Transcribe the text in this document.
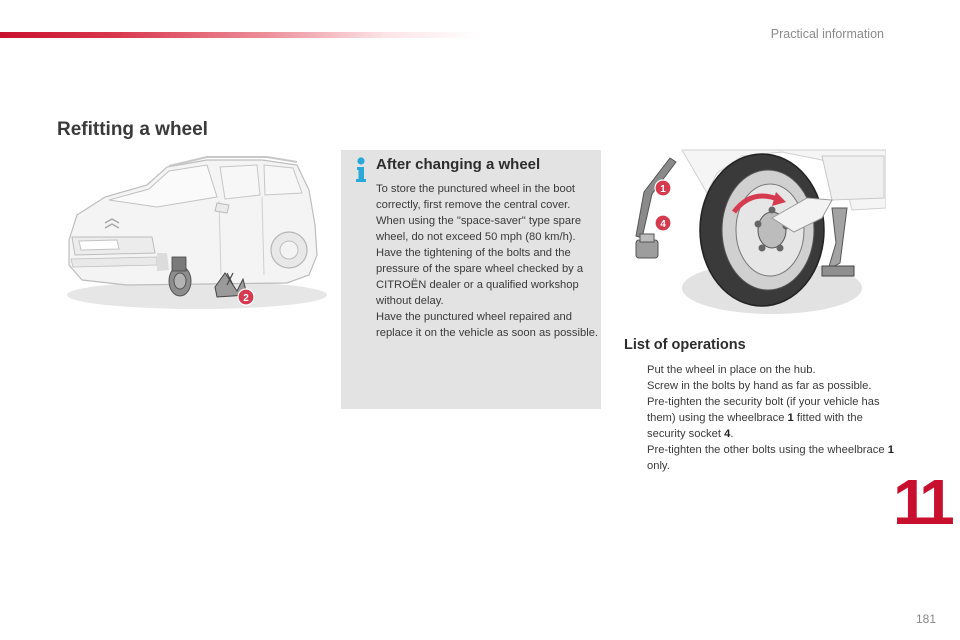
Practical information
Refitting a wheel
2
After changing a wheel

To store the punctured wheel in the boot correctly, first remove the central cover.

When using the "space-saver" type spare wheel, do not exceed 50 mph (80 km/h).

Have the tightening of the bolts and the pressure of the spare wheel checked by a CITROËN dealer or a qualified workshop without delay.

Have the punctured wheel repaired and replace it on the vehicle as soon as possible.

1
4
List of operations
Put the wheel in place on the hub.
Screw in the bolts by hand as far as possible.
Pre-tighten the security bolt (if your vehicle has them) using the wheelbrace 1 fitted with the security socket 4.
Pre-tighten the other bolts using the wheelbrace 1 only.	11
181
